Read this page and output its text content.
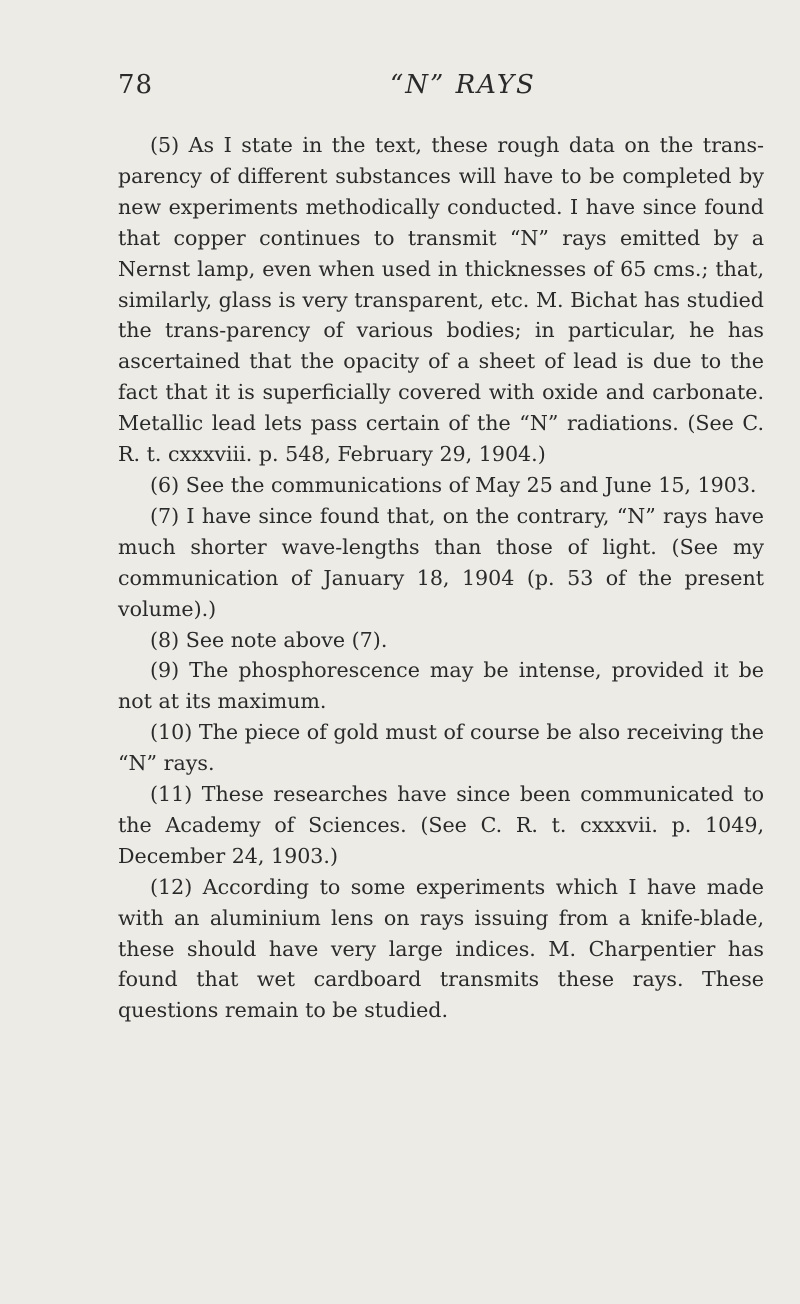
78	“N” RAYS

(5) As I state in the text, these rough data on the trans-parency of different substances will have to be completed by new experiments methodically conducted. I have since found that copper continues to transmit “N” rays emitted by a Nernst lamp, even when used in thicknesses of 65 cms.; that, similarly, glass is very transparent, etc. M. Bichat has studied the trans-parency of various bodies; in particular, he has ascertained that the opacity of a sheet of lead is due to the fact that it is superficially covered with oxide and carbonate. Metallic lead lets pass certain of the “N” radiations. (See C. R. t. cxxxviii. p. 548, February 29, 1904.)

(6) See the communications of May 25 and June 15, 1903.

(7) I have since found that, on the contrary, “N” rays have much shorter wave-lengths than those of light. (See my communication of January 18, 1904 (p. 53 of the present volume).)

(8) See note above (7).

(9) The phosphorescence may be intense, provided it be not at its maximum.

(10) The piece of gold must of course be also receiving the “N” rays.

(11) These researches have since been communicated to the Academy of Sciences. (See C. R. t. cxxxvii. p. 1049, December 24, 1903.)

(12) According to some experiments which I have made with an aluminium lens on rays issuing from a knife-blade, these should have very large indices. M. Charpentier has found that wet cardboard transmits these rays. These questions remain to be studied.
